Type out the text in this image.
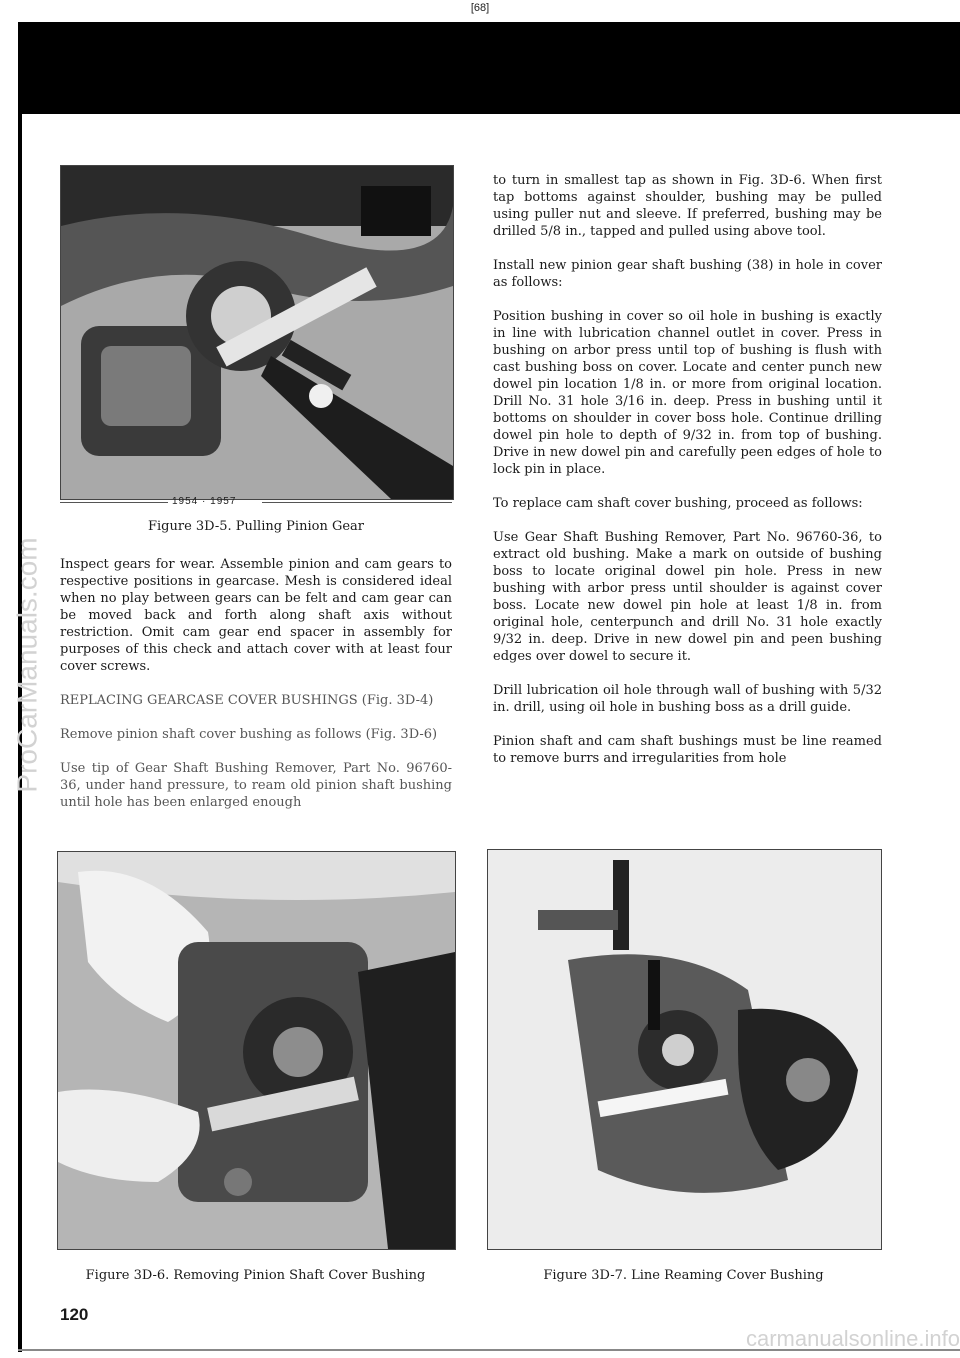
[68]
ProCarManuals.com
carmanualsonline.info
1954 · 1957
Figure 3D-5. Pulling Pinion Gear

Inspect gears for wear. Assemble pinion and cam gears to respective positions in gearcase. Mesh is considered ideal when no play between gears can be felt and cam gear can be moved back and forth along shaft axis without restriction. Omit cam gear end spacer in assembly for purposes of this check and attach cover with at least four cover screws.

REPLACING GEARCASE COVER BUSHINGS (Fig. 3D-4)

Remove pinion shaft cover bushing as follows (Fig. 3D-6)

Use tip of Gear Shaft Bushing Remover, Part No. 96760-36, under hand pressure, to ream old pinion shaft bushing until hole has been enlarged enough

to turn in smallest tap as shown in Fig. 3D-6. When first tap bottoms against shoulder, bushing may be pulled using puller nut and sleeve. If preferred, bushing may be drilled 5/8 in., tapped and pulled using above tool.

Install new pinion gear shaft bushing (38) in hole in cover as follows:

Position bushing in cover so oil hole in bushing is exactly in line with lubrication channel outlet in cover. Press in bushing on arbor press until top of bushing is flush with cast bushing boss on cover. Locate and center punch new dowel pin location 1/8 in. or more from original location. Drill No. 31 hole 3/16 in. deep. Press in bushing until it bottoms on shoulder in cover boss hole. Continue drilling dowel pin hole to depth of 9/32 in. from top of bushing. Drive in new dowel pin and carefully peen edges of hole to lock pin in place.

To replace cam shaft cover bushing, proceed as follows:

Use Gear Shaft Bushing Remover, Part No. 96760-36, to extract old bushing. Make a mark on outside of bushing boss to locate original dowel pin hole. Press in new bushing with arbor press until shoulder is against cover boss. Locate new dowel pin hole at least 1/8 in. from original hole, centerpunch and drill No. 31 hole exactly 9/32 in. deep. Drive in new dowel pin and peen bushing edges over dowel to secure it.

Drill lubrication oil hole through wall of bushing with 5/32 in. drill, using oil hole in bushing boss as a drill guide.

Pinion shaft and cam shaft bushings must be line reamed to remove burrs and irregularities from hole

Figure 3D-6. Removing Pinion Shaft Cover Bushing	Figure 3D-7. Line Reaming Cover Bushing
120
